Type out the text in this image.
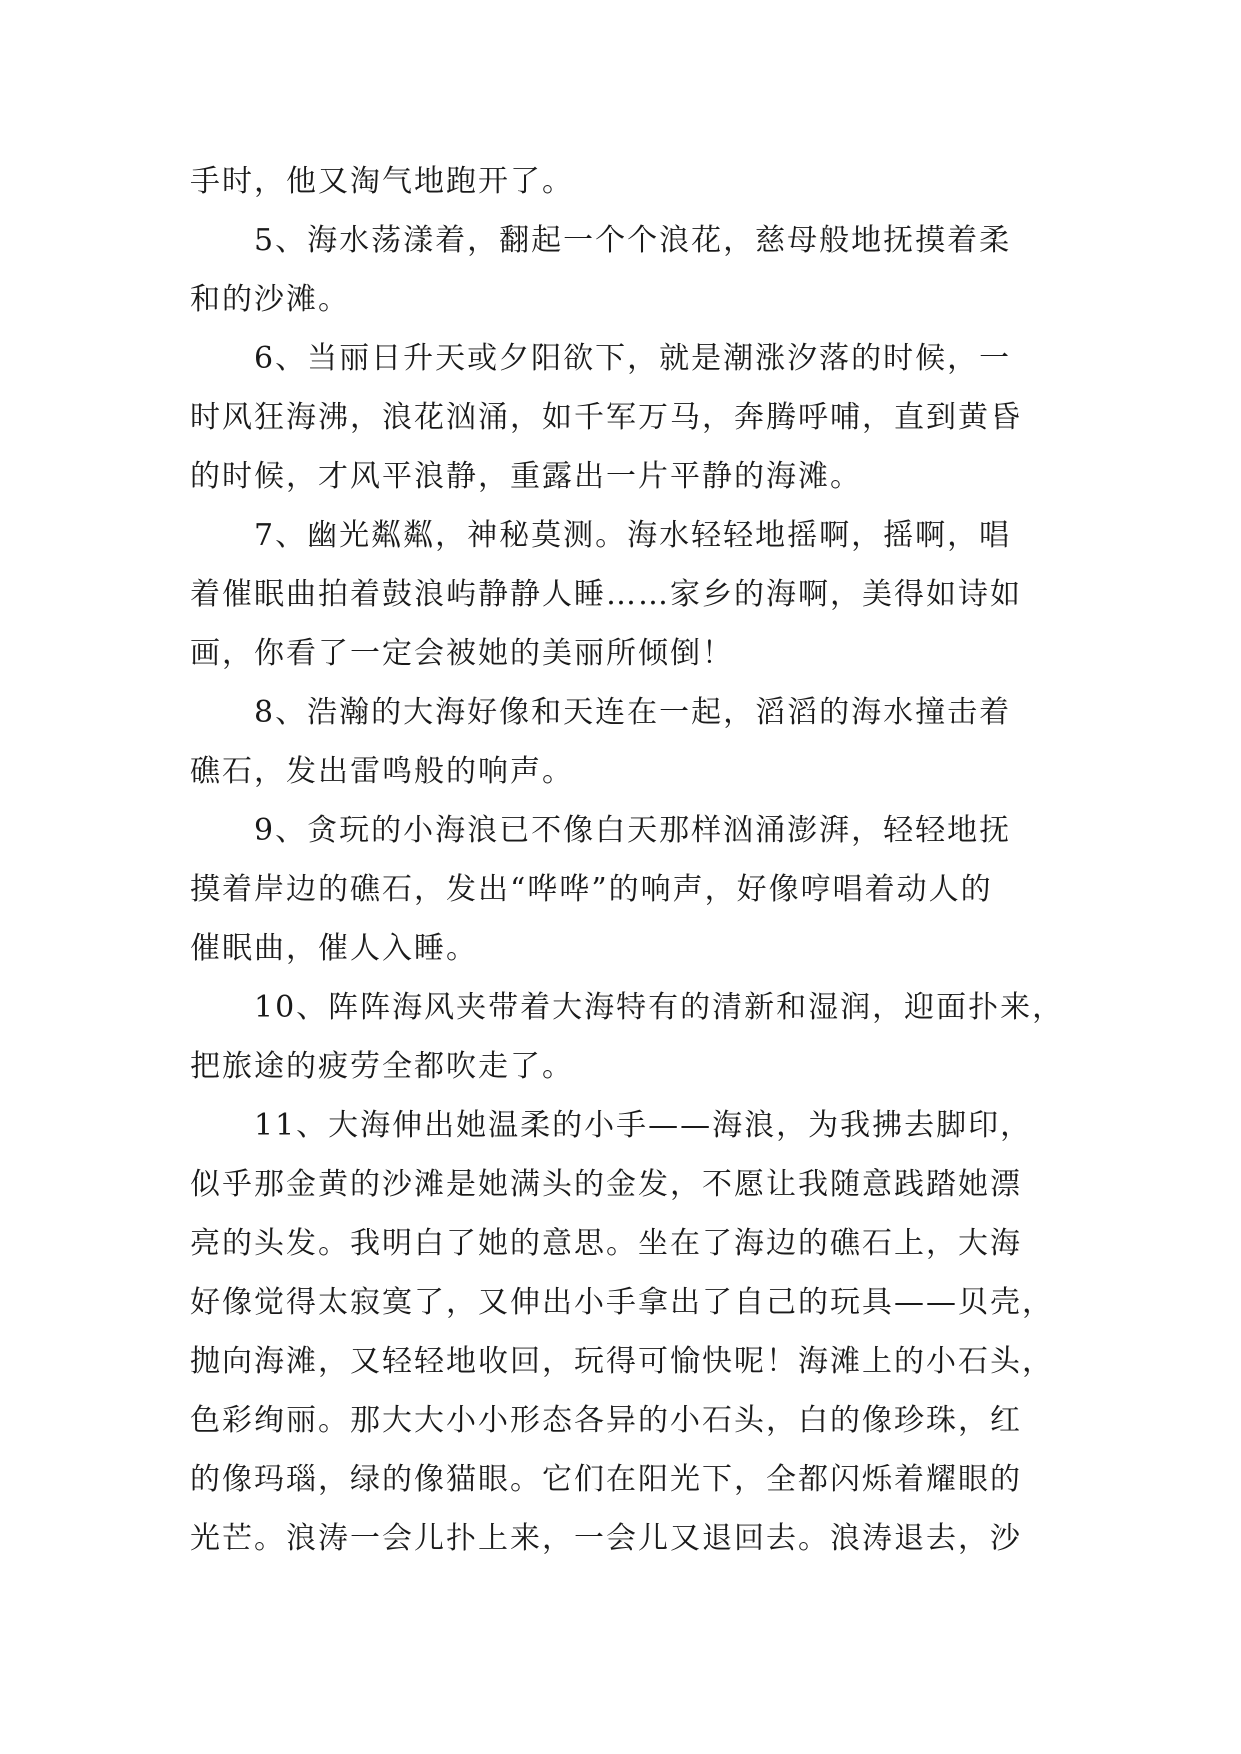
手时，他又淘气地跑开了。
5、海水荡漾着，翻起一个个浪花，慈母般地抚摸着柔
和的沙滩。
6、当丽日升天或夕阳欲下，就是潮涨汐落的时候，一
时风狂海沸，浪花汹涌，如千军万马，奔腾呼哺，直到黄昏
的时候，才风平浪静，重露出一片平静的海滩。
7、幽光粼粼，神秘莫测。海水轻轻地摇啊，摇啊，唱
着催眠曲拍着鼓浪屿静静人睡……家乡的海啊，美得如诗如
画，你看了一定会被她的美丽所倾倒！
8、浩瀚的大海好像和天连在一起，滔滔的海水撞击着
礁石，发出雷鸣般的响声。
9、贪玩的小海浪已不像白天那样汹涌澎湃，轻轻地抚
摸着岸边的礁石，发出“哗哗”的响声，好像哼唱着动人的
催眠曲，催人入睡。
10、阵阵海风夹带着大海特有的清新和湿润，迎面扑来，
把旅途的疲劳全都吹走了。
11、大海伸出她温柔的小手——海浪，为我拂去脚印，
似乎那金黄的沙滩是她满头的金发，不愿让我随意践踏她漂
亮的头发。我明白了她的意思。坐在了海边的礁石上，大海
好像觉得太寂寞了，又伸出小手拿出了自己的玩具——贝壳，
抛向海滩，又轻轻地收回，玩得可愉快呢！海滩上的小石头，
色彩绚丽。那大大小小形态各异的小石头，白的像珍珠，红
的像玛瑙，绿的像猫眼。它们在阳光下，全都闪烁着耀眼的
光芒。浪涛一会儿扑上来，一会儿又退回去。浪涛退去，沙
